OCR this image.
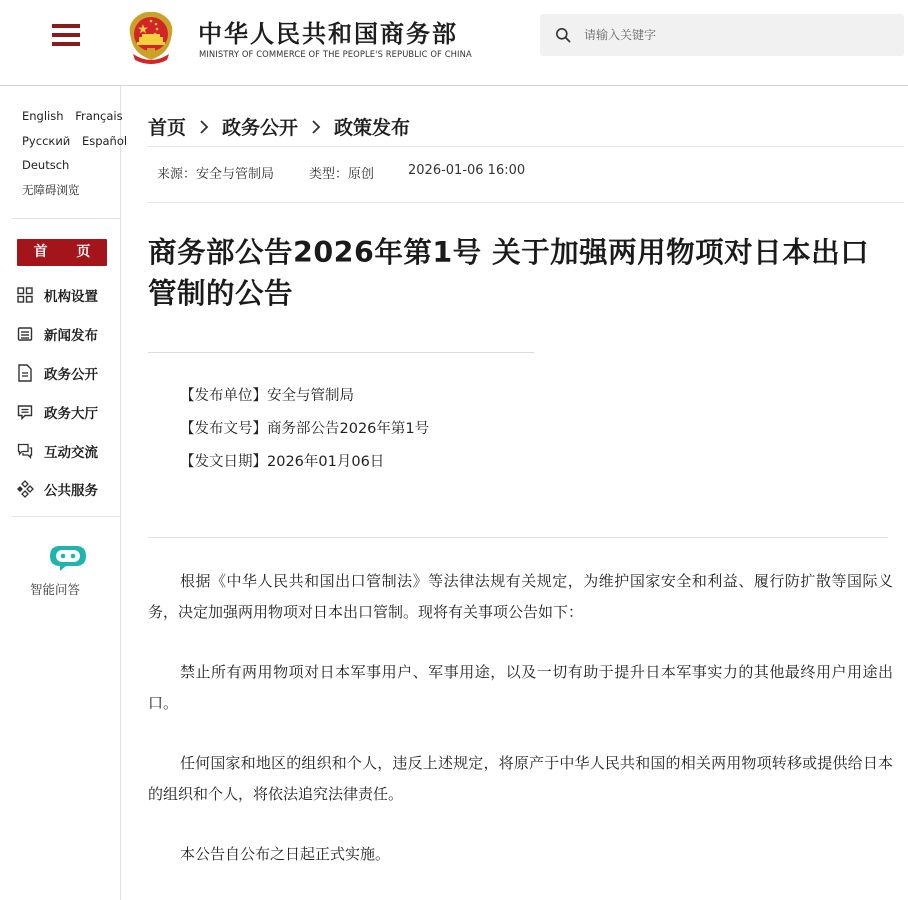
中华人民共和国商务部
MINISTRY OF COMMERCE OF THE PEOPLE'S REPUBLIC OF CHINA
请输入关键字
English Français
Русский Español
Deutsch
无障碍浏览
首 页
机构设置
新闻发布
政务公开
政务大厅
互动交流
公共服务
智能问答
首页 政务公开 政策发布
来源：安全与管制局	类型：原创	2026-01-06 16:00
商务部公告2026年第1号 关于加强两用物项对日本出口管制的公告
【发布单位】安全与管制局
【发布文号】商务部公告2026年第1号
【发文日期】2026年01月06日

根据《中华人民共和国出口管制法》等法律法规有关规定，为维护国家安全和利益、履行防扩散等国际义务，决定加强两用物项对日本出口管制。现将有关事项公告如下：

禁止所有两用物项对日本军事用户、军事用途，以及一切有助于提升日本军事实力的其他最终用户用途出口。

任何国家和地区的组织和个人，违反上述规定，将原产于中华人民共和国的相关两用物项转移或提供给日本的组织和个人，将依法追究法律责任。

本公告自公布之日起正式实施。
